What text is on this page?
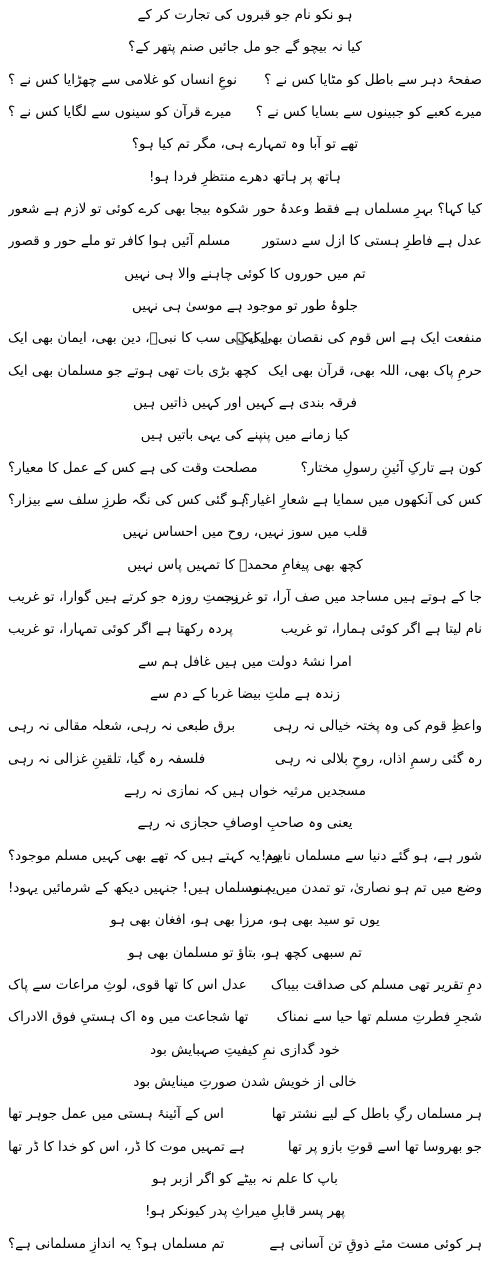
ہو نکو نام جو قبروں کی تجارت کر کے
کیا نہ بیچو گے جو مل جائیں صنم پتھر کے؟
صفحۂ دہر سے باطل کو مٹایا کس نے ؟
نوعِ انساں کو غلامی سے چھڑایا کس نے ؟
میرے کعبے کو جبینوں سے بسایا کس نے ؟
میرے قرآن کو سینوں سے لگایا کس نے ؟
تھے تو آبا وہ تمہارے ہی، مگر تم کیا ہو؟
ہاتھ پر ہاتھ دھرے منتظرِ فردا ہو!
کیا کہا؟ بہرِ مسلماں ہے فقط وعدۂ حور
شکوہ بیجا بھی کرے کوئی تو لازم ہے شعور
عدل ہے فاطرِ ہستی کا ازل سے دستور
مسلم آئیں ہوا کافر تو ملے حور و قصور
تم میں حوروں کا کوئی چاہنے والا ہی نہیں
جلوۂ طور تو موجود ہے موسیٰ ہی نہیں
منفعت ایک ہے اس قوم کی نقصان بھی ایک
ایک ہی سب کا نبیؐ، دین بھی، ایمان بھی ایک
حرمِ پاک بھی، اللہ بھی، قرآن بھی ایک
کچھ بڑی بات تھی ہوتے جو مسلمان بھی ایک
فرقہ بندی ہے کہیں اور کہیں ذاتیں ہیں
کیا زمانے میں پنپنے کی یہی باتیں ہیں
کون ہے تارکِ آئینِ رسولِ مختار؟
مصلحت وقت کی ہے کس کے عمل کا معیار؟
کس کی آنکھوں میں سمایا ہے شعارِ اغیار؟
ہو گئی کس کی نگہ طرزِ سلف سے بیزار؟
قلب میں سوز نہیں، روح میں احساس نہیں
کچھ بھی پیغامِ محمدؐ کا تمہیں پاس نہیں
جا کے ہوتے ہیں مساجد میں صف آرا، تو غریب
زحمتِ روزہ جو کرتے ہیں گوارا، تو غریب
نام لیتا ہے اگر کوئی ہمارا، تو غریب
پردہ رکھتا ہے اگر کوئی تمہارا، تو غریب
امرا نشۂ دولت میں ہیں غافل ہم سے
زندہ ہے ملتِ بیضا غربا کے دم سے
واعظِ قوم کی وہ پختہ خیالی نہ رہی
برق طبعی نہ رہی، شعلہ مقالی نہ رہی
رہ گئی رسمِ اذاں، روحِ بلالی نہ رہی
فلسفہ رہ گیا، تلقینِ غزالی نہ رہی
مسجدیں مرثیہ خواں ہیں کہ نمازی نہ رہے
یعنی وہ صاحبِ اوصافِ حجازی نہ رہے
شور ہے، ہو گئے دنیا سے مسلماں نابود!
ہم یہ کہتے ہیں کہ تھے بھی کہیں مسلم موجود؟
وضع میں تم ہو نصاریٰ، تو تمدن میں ہنود
یہ مسلماں ہیں! جنہیں دیکھ کے شرمائیں یہود!
یوں تو سید بھی ہو، مرزا بھی ہو، افغان بھی ہو
تم سبھی کچھ ہو، بتاؤ تو مسلمان بھی ہو
دمِ تقریر تھی مسلم کی صداقت بیباک
عدل اس کا تھا قوی، لوثِ مراعات سے پاک
شجرِ فطرتِ مسلم تھا حیا سے نمناک
تھا شجاعت میں وہ اک ہستیِ فوق الادراک
خود گدازی نمِ کیفیتِ صہبایش بود
خالی از خویش شدن صورتِ مینایش بود
ہر مسلماں رگِ باطل کے لیے نشتر تھا
اس کے آئینۂ ہستی میں عمل جوہر تھا
جو بھروسا تھا اسے قوتِ بازو پر تھا
ہے تمہیں موت کا ڈر، اس کو خدا کا ڈر تھا
باپ کا علم نہ بیٹے کو اگر ازبر ہو
پھر پسر قابلِ میراثِ پدر کیونکر ہو!
ہر کوئی مست مئے ذوقِ تن آسانی ہے
تم مسلماں ہو؟ یہ اندازِ مسلمانی ہے؟
